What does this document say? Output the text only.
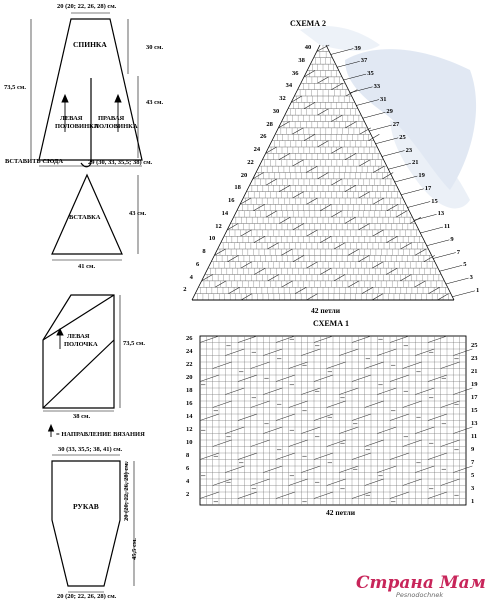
20 (20; 22, 26, 28) см.
СПИНКА	30 см.
43 см.
73,5 см.
ЛЕВАЯ
ПОЛОВИНКА
ПРАВАЯ
ПОЛОВИНКА
ВСТАВИТЬ СЮДА	29 (30, 33, 35,5; 38) см.
ВСТАВКА
43 см.
41 см.
ЛЕВАЯ
ПОЛОЧКА	73,5 см.
38 см.
= НАПРАВЛЕНИЕ ВЯЗАНИЯ
30 (33, 35,5; 38, 41) см.
РУКАВ	20 (20; 22, 26, 28) см.
45,5 см.
20 (20; 22, 26, 28) см.
СХЕМА 2
42 петли
СХЕМА 1
42 петли
40
38
36
34
32
30
28
26
24
22
20
18
16
14
12
10
8
6
4
2
39
37
35
33
31
29
27
25
23
21
19
17
15
13
11
9
7
5
3
1
26
24
22
20
18
16
14
12
10
8
6
4
2
25
23
21
19
17
15
13
11
9
7
5
3
1
Страна Мам
Pesnodochnek
